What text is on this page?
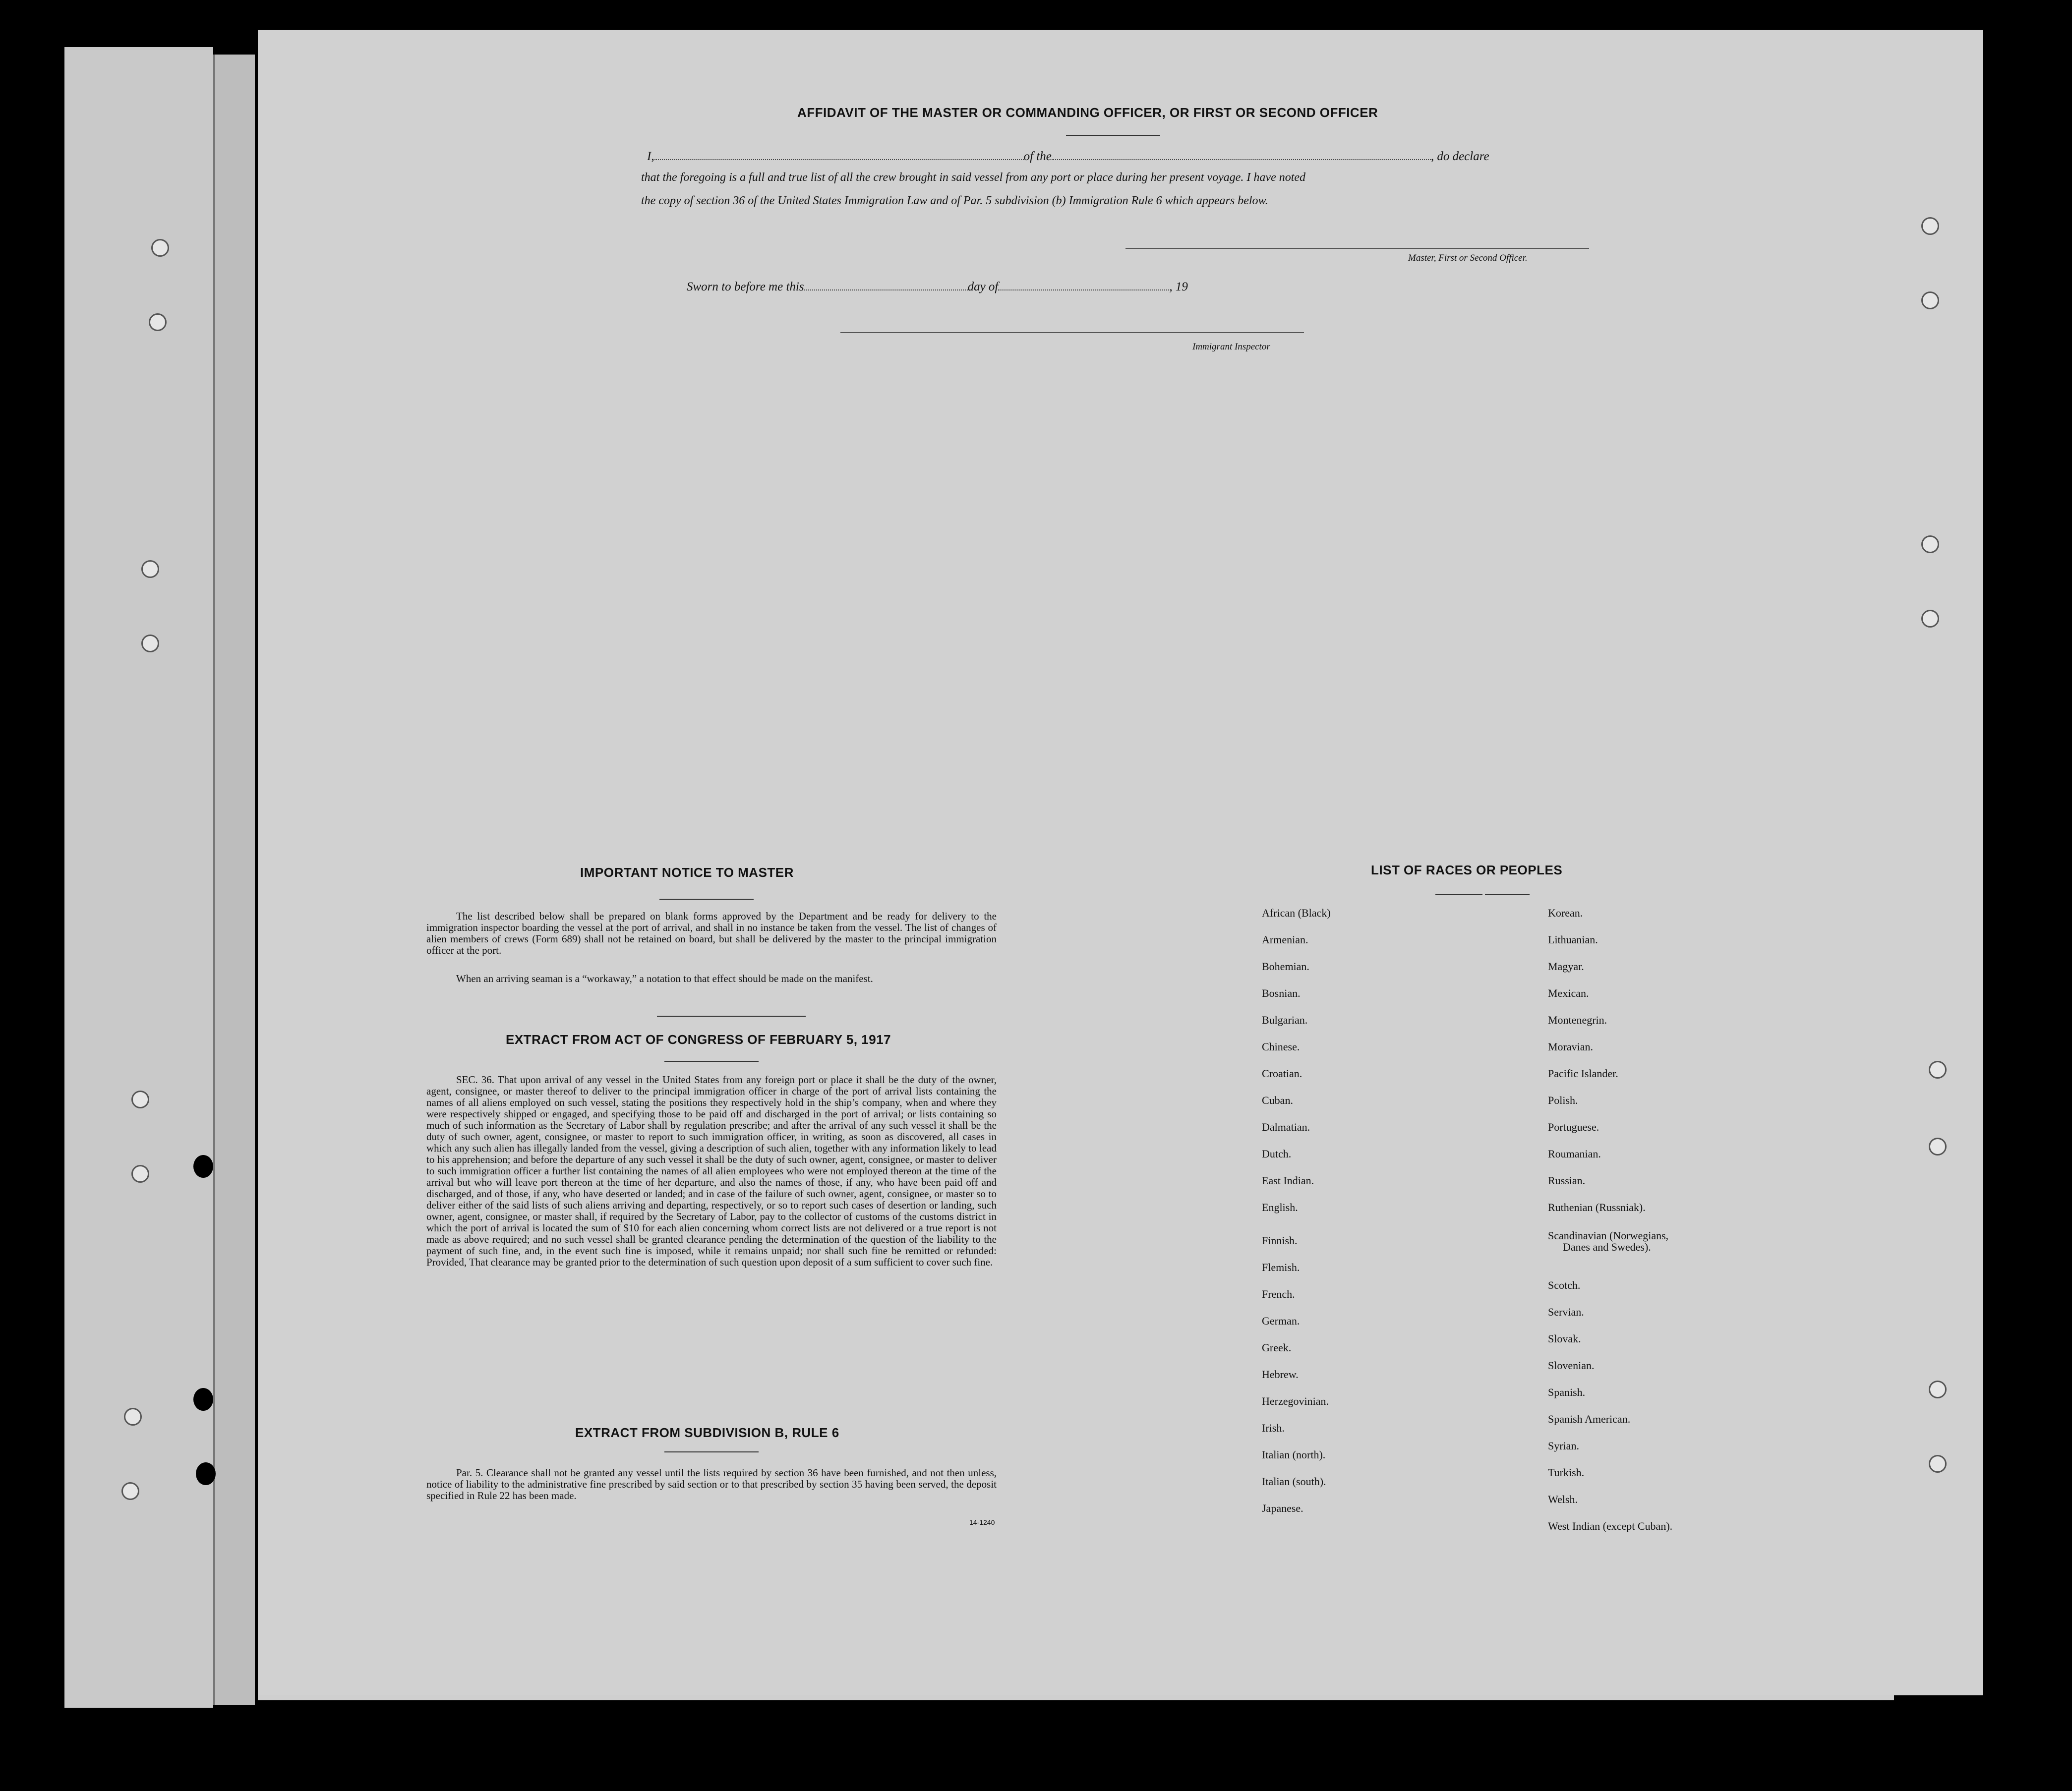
AFFIDAVIT OF THE MASTER OR COMMANDING OFFICER, OR FIRST OR SECOND OFFICER
I,	of the	, do declare
that the foregoing is a full and true list of all the crew brought in said vessel from any port or place during her present voyage. I have noted
the copy of section 36 of the United States Immigration Law and of Par. 5 subdivision (b) Immigration Rule 6 which appears below.
Master, First or Second Officer.
Sworn to before me this	day of	, 19
Immigrant Inspector
IMPORTANT NOTICE TO MASTER
The list described below shall be prepared on blank forms approved by the Department and be ready for delivery to the immigration inspector boarding the vessel at the port of arrival, and shall in no instance be taken from the vessel. The list of changes of alien members of crews (Form 689) shall not be retained on board, but shall be delivered by the master to the principal immigration officer at the port.
When an arriving seaman is a “workaway,” a notation to that effect should be made on the manifest.
EXTRACT FROM ACT OF CONGRESS OF FEBRUARY 5, 1917
SEC. 36. That upon arrival of any vessel in the United States from any foreign port or place it shall be the duty of the owner, agent, consignee, or master thereof to deliver to the principal immigration officer in charge of the port of arrival lists containing the names of all aliens employed on such vessel, stating the positions they respectively hold in the ship’s company, when and where they were respectively shipped or engaged, and specifying those to be paid off and discharged in the port of arrival; or lists containing so much of such information as the Secretary of Labor shall by regulation prescribe; and after the arrival of any such vessel it shall be the duty of such owner, agent, consignee, or master to report to such immigration officer, in writing, as soon as discovered, all cases in which any such alien has illegally landed from the vessel, giving a description of such alien, together with any information likely to lead to his apprehension; and before the departure of any such vessel it shall be the duty of such owner, agent, consignee, or master to deliver to such immigration officer a further list containing the names of all alien employees who were not employed thereon at the time of the arrival but who will leave port thereon at the time of her departure, and also the names of those, if any, who have been paid off and discharged, and of those, if any, who have deserted or landed; and in case of the failure of such owner, agent, consignee, or master so to deliver either of the said lists of such aliens arriving and departing, respectively, or so to report such cases of desertion or landing, such owner, agent, consignee, or master shall, if required by the Secretary of Labor, pay to the collector of customs of the customs district in which the port of arrival is located the sum of $10 for each alien concerning whom correct lists are not delivered or a true report is not made as above required; and no such vessel shall be granted clearance pending the determination of the question of the liability to the payment of such fine, and, in the event such fine is imposed, while it remains unpaid; nor shall such fine be remitted or refunded: Provided, That clearance may be granted prior to the determination of such question upon deposit of a sum sufficient to cover such fine.
EXTRACT FROM SUBDIVISION B, RULE 6
Par. 5. Clearance shall not be granted any vessel until the lists required by section 36 have been furnished, and not then unless, notice of liability to the administrative fine prescribed by said section or to that prescribed by section 35 having been served, the deposit specified in Rule 22 has been made.
14-1240
LIST OF RACES OR PEOPLES
African (Black)
Armenian.
Bohemian.
Bosnian.
Bulgarian.
Chinese.
Croatian.
Cuban.
Dalmatian.
Dutch.
East Indian.
English.
Finnish.
Flemish.
French.
German.
Greek.
Hebrew.
Herzegovinian.
Irish.
Italian (north).
Italian (south).
Japanese.
Korean.
Lithuanian.
Magyar.
Mexican.
Montenegrin.
Moravian.
Pacific Islander.
Polish.
Portuguese.
Roumanian.
Russian.
Ruthenian (Russniak).
Scandinavian (Norwegians,
Danes and Swedes).
Scotch.
Servian.
Slovak.
Slovenian.
Spanish.
Spanish American.
Syrian.
Turkish.
Welsh.
West Indian (except Cuban).
